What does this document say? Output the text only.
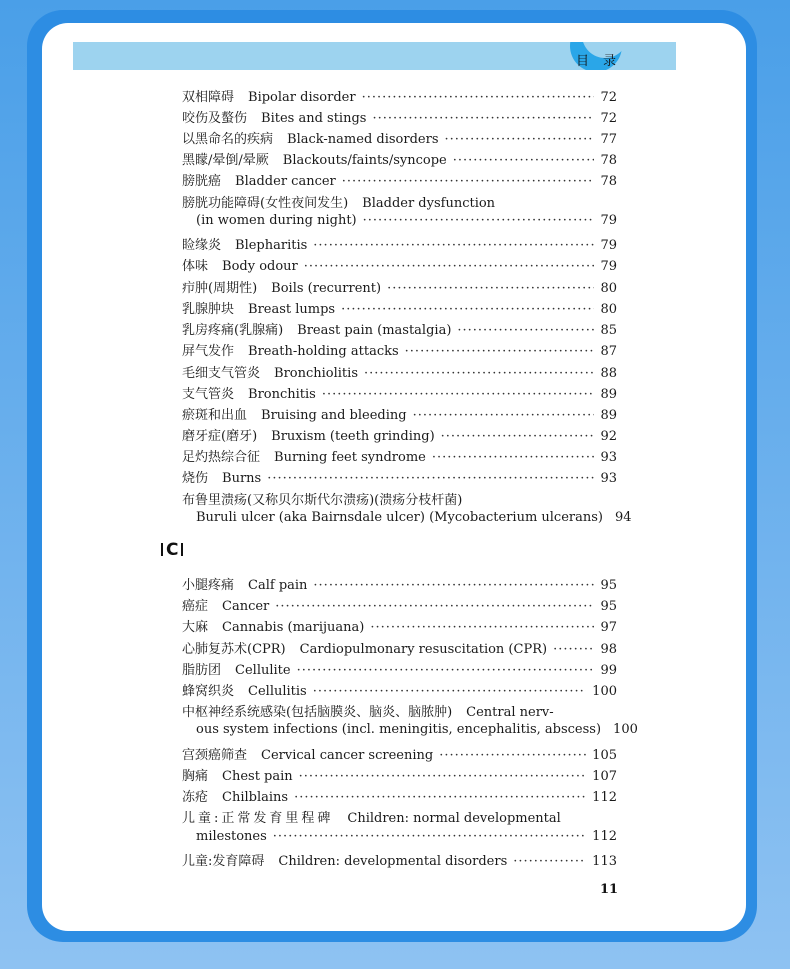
目录
双相障碍 Bipolar disorder ·····	72
咬伤及螯伤 Bites and stings ·····	72
以黑命名的疾病 Black-named disorders ·····	77
黑矇/晕倒/晕厥 Blackouts/faints/syncope ·····	78
膀胱癌 Bladder cancer ·····	78
膀胱功能障碍(女性夜间发生) Bladder dysfunction
(in women during night) ·····	79
睑缘炎 Blepharitis ·····	79
体味 Body odour ·····	79
疖肿(周期性) Boils (recurrent) ·····	80
乳腺肿块 Breast lumps ·····	80
乳房疼痛(乳腺痛) Breast pain (mastalgia) ·····	85
屏气发作 Breath-holding attacks ·····	87
毛细支气管炎 Bronchiolitis ·····	88
支气管炎 Bronchitis ·····	89
瘀斑和出血 Bruising and bleeding ·····	89
磨牙症(磨牙) Bruxism (teeth grinding) ·····	92
足灼热综合征 Burning feet syndrome ·····	93
烧伤 Burns ·····	93
布鲁里溃疡(又称贝尔斯代尔溃疡)(溃疡分枝杆菌)
Buruli ulcer (aka Bairnsdale ulcer) (Mycobacterium ulcerans) 94
C
小腿疼痛 Calf pain ·····	95
癌症 Cancer ·····	95
大麻 Cannabis (marijuana) ·····	97
心肺复苏术(CPR) Cardiopulmonary resuscitation (CPR) ·····	98
脂肪团 Cellulite ·····	99
蜂窝织炎 Cellulitis ·····	100
中枢神经系统感染(包括脑膜炎、脑炎、脑脓肿) Central nerv-
ous system infections (incl. meningitis, encephalitis, abscess) 100
宫颈癌筛查 Cervical cancer screening ·····	105
胸痛 Chest pain ·····	107
冻疮 Chilblains ·····	112
儿童:正常发育里程碑 Children: normal developmental
milestones ·····	112
儿童:发育障碍 Children: developmental disorders ·····	113
11
